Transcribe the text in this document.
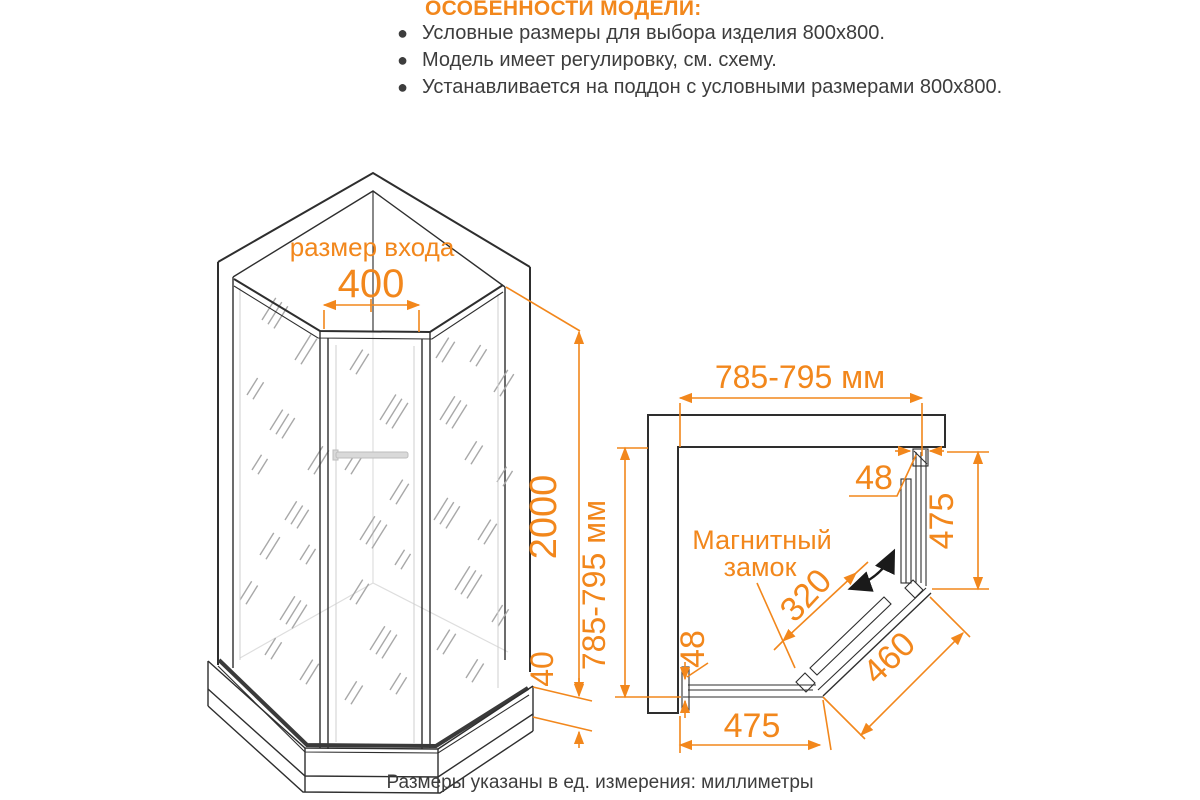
ОСОБЕННОСТИ МОДЕЛИ:
● Условные размеры для выбора изделия 800x800.
● Модель имеет регулировку, см. схему.
● Устанавливается на поддон с условными размерами 800x800.
размер входа
400
2000
40
785-795 мм
785-795 мм
48
475
Магнитный
замок
320
48	460
475
Размеры указаны в ед. измерения: миллиметры
